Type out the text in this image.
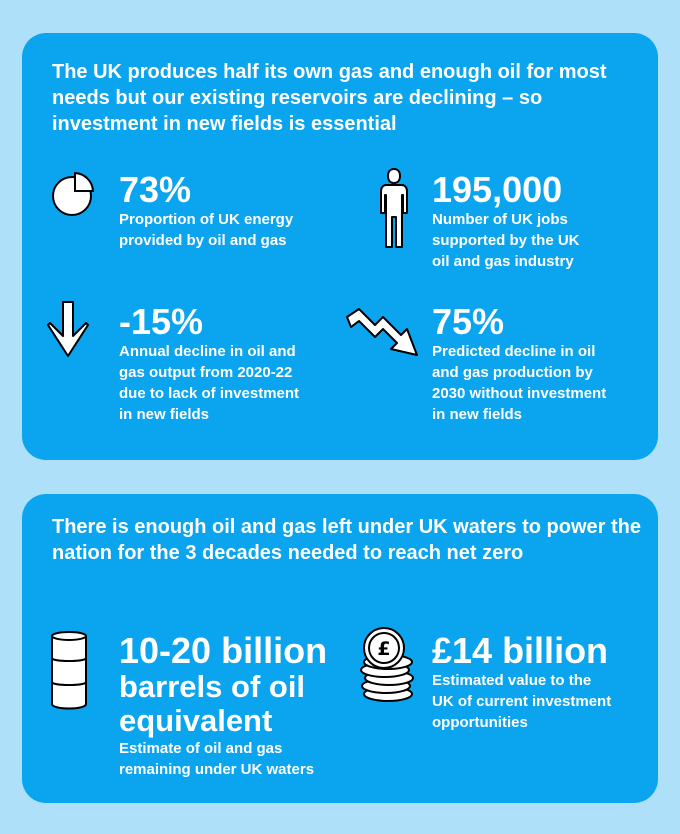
The UK produces half its own gas and enough oil for most needs but our existing reservoirs are declining – so investment in new fields is essential
73%
Proportion of UK energy
provided by oil and gas
195,000
Number of UK jobs
supported by the UK
oil and gas industry
-15%
Annual decline in oil and
gas output from 2020-22
due to lack of investment
in new fields
75%
Predicted decline in oil
and gas production by
2030 without investment
in new fields
There is enough oil and gas left under UK waters to power the nation for the 3 decades needed to reach net zero
10-20 billion
barrels of oil
equivalent
Estimate of oil and gas
remaining under UK waters
£ £14 billion
Estimated value to the
UK of current investment
opportunities
